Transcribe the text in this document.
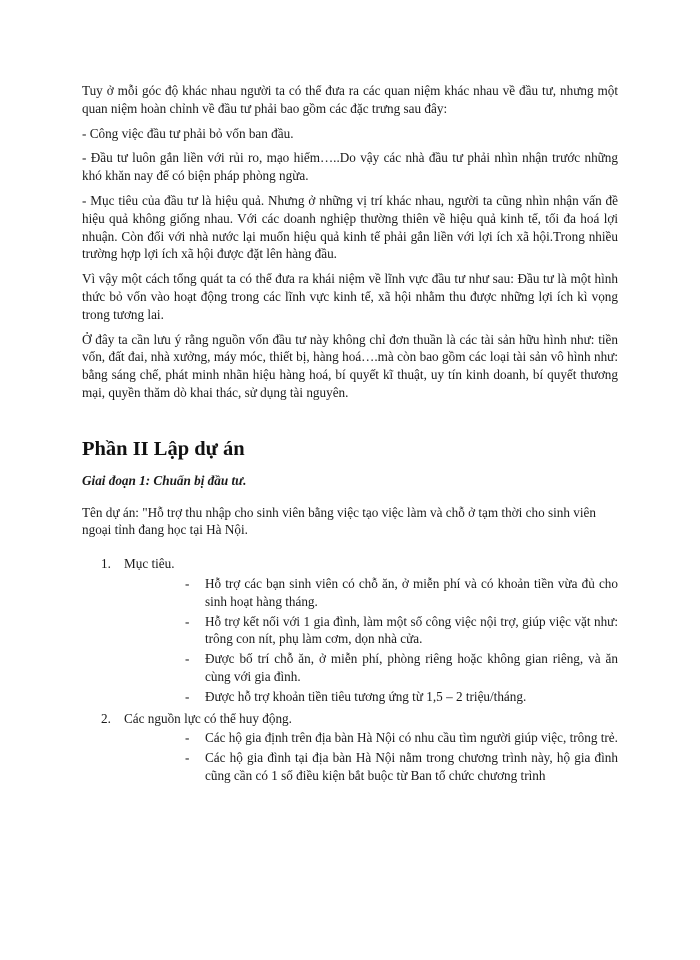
Tuy ở mỗi góc độ khác nhau người ta có thể đưa ra các quan niệm khác nhau về đầu tư, nhưng một quan niệm hoàn chỉnh về đầu tư phải bao gồm các đặc trưng sau đây:

- Công việc đầu tư phải bỏ vốn ban đầu.

- Đầu tư luôn gắn liền với rủi ro, mạo hiểm…..Do vậy các nhà đầu tư phải nhìn nhận trước những khó khăn nay để có biện pháp phòng ngừa.

- Mục tiêu của đầu tư là hiệu quả. Nhưng ở những vị trí khác nhau, người ta cũng nhìn nhận vấn đề hiệu quả không giống nhau. Với các doanh nghiệp thường thiên về hiệu quả kinh tế, tối đa hoá lợi nhuận. Còn đối với nhà nước lại muốn hiệu quả kinh tế phải gắn liền với lợi ích xã hội.Trong nhiều trường hợp lợi ích xã hội được đặt lên hàng đầu.

Vì vậy một cách tổng quát ta có thể đưa ra khái niệm về lĩnh vực đầu tư như sau: Đầu tư là một hình thức bỏ vốn vào hoạt động trong các lĩnh vực kinh tế, xã hội nhằm thu được những lợi ích kì vọng trong tương lai.

Ở đây ta cần lưu ý rằng nguồn vốn đầu tư này không chỉ đơn thuần là các tài sản hữu hình như: tiền vốn, đất đai, nhà xưởng, máy móc, thiết bị, hàng hoá….mà còn bao gồm các loại tài sản vô hình như: bằng sáng chế, phát minh nhãn hiệu hàng hoá, bí quyết kĩ thuật, uy tín kinh doanh, bí quyết thương mại, quyền thăm dò khai thác, sử dụng tài nguyên.

Phần II Lập dự án

Giai đoạn 1: Chuẩn bị đầu tư.

Tên dự án: "Hỗ trợ thu nhập cho sinh viên bằng việc tạo việc làm và chỗ ở tạm thời cho sinh viên ngoại tỉnh đang học tại Hà Nội.

1. Mục tiêu.
- Hỗ trợ các bạn sinh viên có chỗ ăn, ở miễn phí và có khoản tiền vừa đủ cho sinh hoạt hàng tháng.
- Hỗ trợ kết nối với 1 gia đình, làm một số công việc nội trợ, giúp việc vặt như: trông con nít, phụ làm cơm, dọn nhà cửa.
- Được bố trí chỗ ăn, ở miễn phí, phòng riêng hoặc không gian riêng, và ăn cùng với gia đình.
- Được hỗ trợ khoản tiền tiêu tương ứng từ 1,5 – 2 triệu/tháng.
2. Các nguồn lực có thể huy động.
- Các hộ gia định trên địa bàn Hà Nội có nhu cầu tìm người giúp việc, trông trẻ.
- Các hộ gia đình tại địa bàn Hà Nội nằm trong chương trình này, hộ gia đình cũng cần có 1 số điều kiện bắt buộc từ Ban tổ chức chương trình
